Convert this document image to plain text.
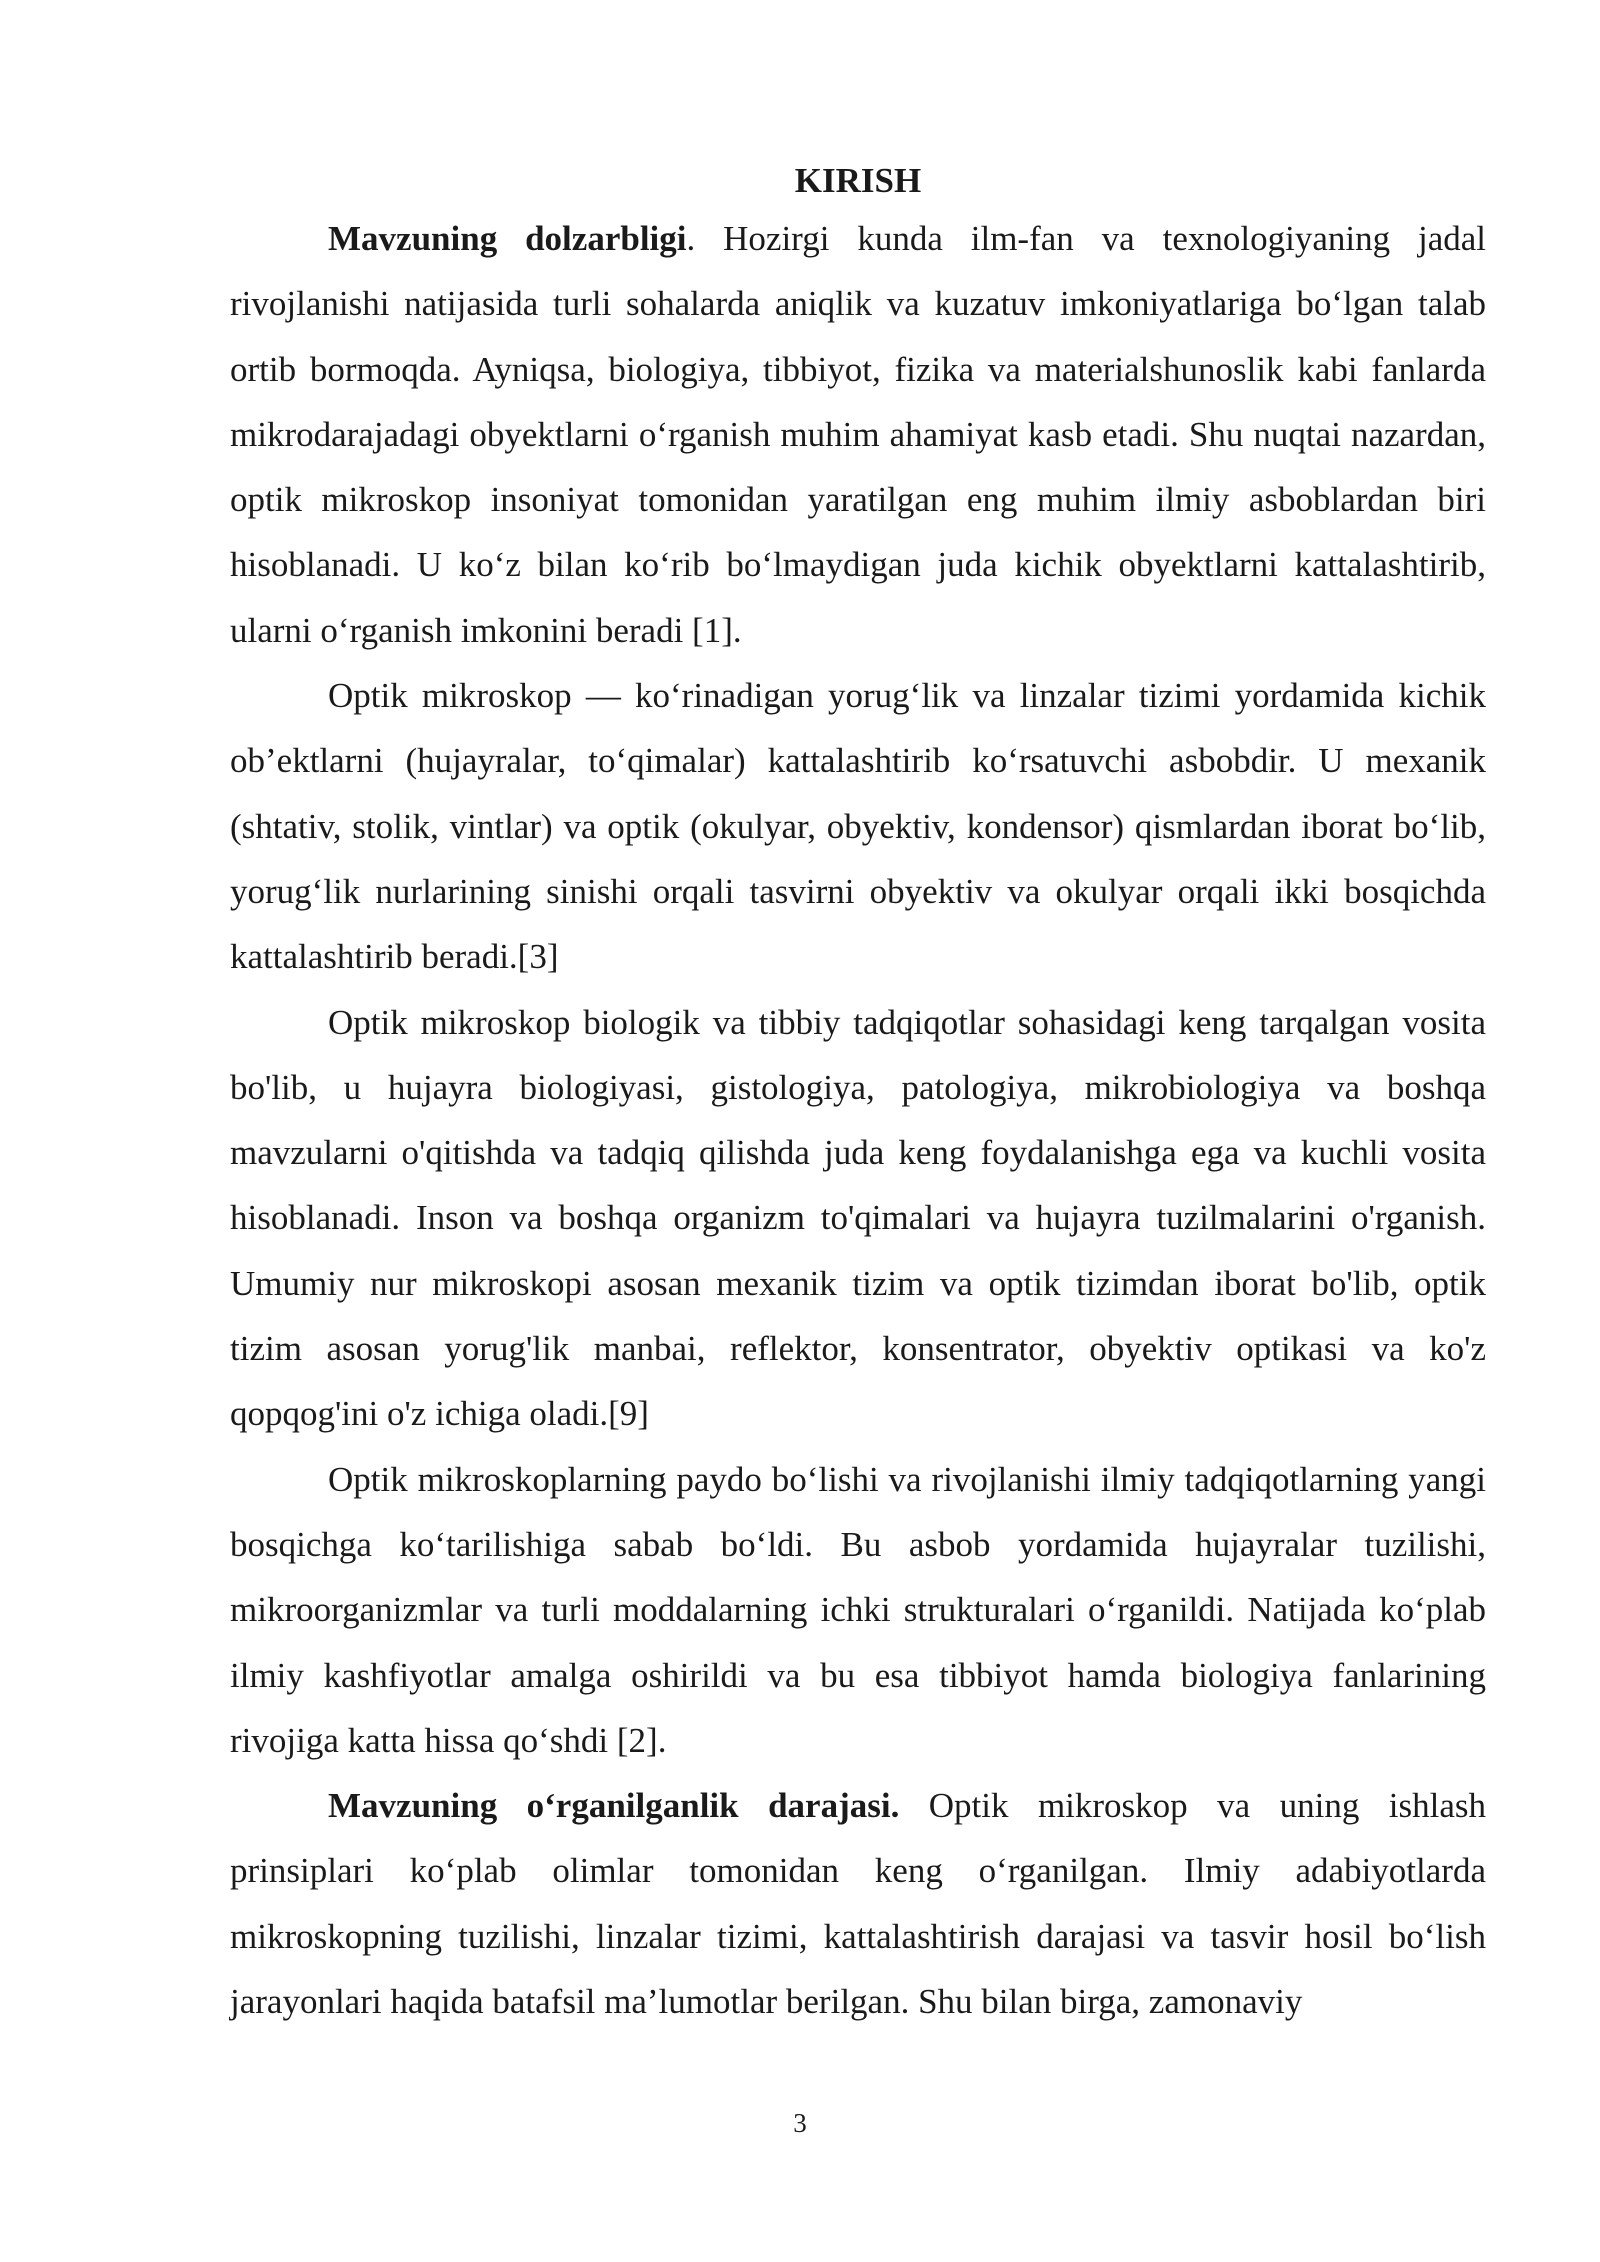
KIRISH

Mavzuning dolzarbligi. Hozirgi kunda ilm-fan va texnologiyaning jadal rivojlanishi natijasida turli sohalarda aniqlik va kuzatuv imkoniyatlariga boʻlgan talab ortib bormoqda. Ayniqsa, biologiya, tibbiyot, fizika va materialshunoslik kabi fanlarda mikrodarajadagi obyektlarni oʻrganish muhim ahamiyat kasb etadi. Shu nuqtai nazardan, optik mikroskop insoniyat tomonidan yaratilgan eng muhim ilmiy asboblardan biri hisoblanadi. U koʻz bilan koʻrib boʻlmaydigan juda kichik obyektlarni kattalashtirib, ularni oʻrganish imkonini beradi [1].

Optik mikroskop — koʻrinadigan yorugʻlik va linzalar tizimi yordamida kichik ob’ektlarni (hujayralar, toʻqimalar) kattalashtirib koʻrsatuvchi asbobdir. U mexanik (shtativ, stolik, vintlar) va optik (okulyar, obyektiv, kondensor) qismlardan iborat boʻlib, yorugʻlik nurlarining sinishi orqali tasvirni obyektiv va okulyar orqali ikki bosqichda kattalashtirib beradi.[3]

Optik mikroskop biologik va tibbiy tadqiqotlar sohasidagi keng tarqalgan vosita bo'lib, u hujayra biologiyasi, gistologiya, patologiya, mikrobiologiya va boshqa mavzularni o'qitishda va tadqiq qilishda juda keng foydalanishga ega va kuchli vosita hisoblanadi. Inson va boshqa organizm to'qimalari va hujayra tuzilmalarini o'rganish. Umumiy nur mikroskopi asosan mexanik tizim va optik tizimdan iborat bo'lib, optik tizim asosan yorug'lik manbai, reflektor, konsentrator, obyektiv optikasi va ko'z qopqog'ini o'z ichiga oladi.[9]

Optik mikroskoplarning paydo boʻlishi va rivojlanishi ilmiy tadqiqotlarning yangi bosqichga koʻtarilishiga sabab boʻldi. Bu asbob yordamida hujayralar tuzilishi, mikroorganizmlar va turli moddalarning ichki strukturalari oʻrganildi. Natijada koʻplab ilmiy kashfiyotlar amalga oshirildi va bu esa tibbiyot hamda biologiya fanlarining rivojiga katta hissa qoʻshdi [2].

Mavzuning oʻrganilganlik darajasi. Optik mikroskop va uning ishlash prinsiplari koʻplab olimlar tomonidan keng oʻrganilgan. Ilmiy adabiyotlarda mikroskopning tuzilishi, linzalar tizimi, kattalashtirish darajasi va tasvir hosil boʻlish jarayonlari haqida batafsil ma’lumotlar berilgan. Shu bilan birga, zamonaviy

3
